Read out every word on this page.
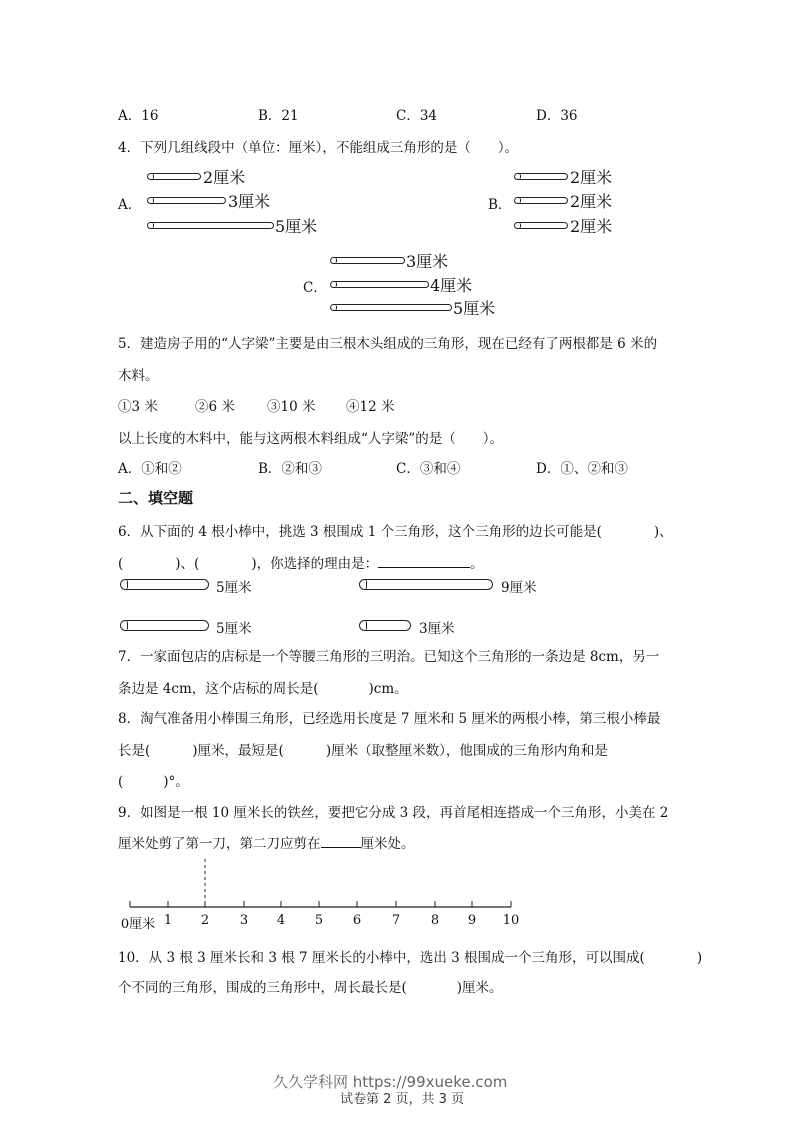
A．16	B．21	C．34	D．36
4．下列几组线段中（单位：厘米），不能组成三角形的是（　　）。
A．
2厘米
3厘米
5厘米
B．
2厘米
2厘米
2厘米
C．
3厘米
4厘米
5厘米
5．建造房子用的“人字梁”主要是由三根木头组成的三角形，现在已经有了两根都是 6 米的
木料。
①3 米	②6 米 ③10 米 ④12 米
以上长度的木料中，能与这两根木料组成“人字梁”的是（　　）。
A．①和②	B．②和③	C．③和④	D．①、②和③
二、填空题
6．从下面的 4 根小棒中，挑选 3 根围成 1 个三角形，这个三角形的边长可能是(	)、
(	)、(	)，你选择的理由是：	。
5厘米	9厘米
5厘米	3厘米
7．一家面包店的店标是一个等腰三角形的三明治。已知这个三角形的一条边是 8cm，另一
条边是 4cm，这个店标的周长是(	)cm。
8．淘气准备用小棒围三角形，已经选用长度是 7 厘米和 5 厘米的两根小棒，第三根小棒最
长是(	)厘米，最短是(	)厘米（取整厘米数），他围成的三角形内角和是
(	)°。
9．如图是一根 10 厘米长的铁丝，要把它分成 3 段，再首尾相连搭成一个三角形，小美在 2
厘米处剪了第一刀，第二刀应剪在	厘米处。
0厘米 1 2 3 4 5 6 7 8 9 10
10．从 3 根 3 厘米长和 3 根 7 厘米长的小棒中，选出 3 根围成一个三角形，可以围成(	)
个不同的三角形，围成的三角形中，周长最长是(	)厘米。
试卷第 2 页，共 3 页
久久学科网 https://99xueke.com
